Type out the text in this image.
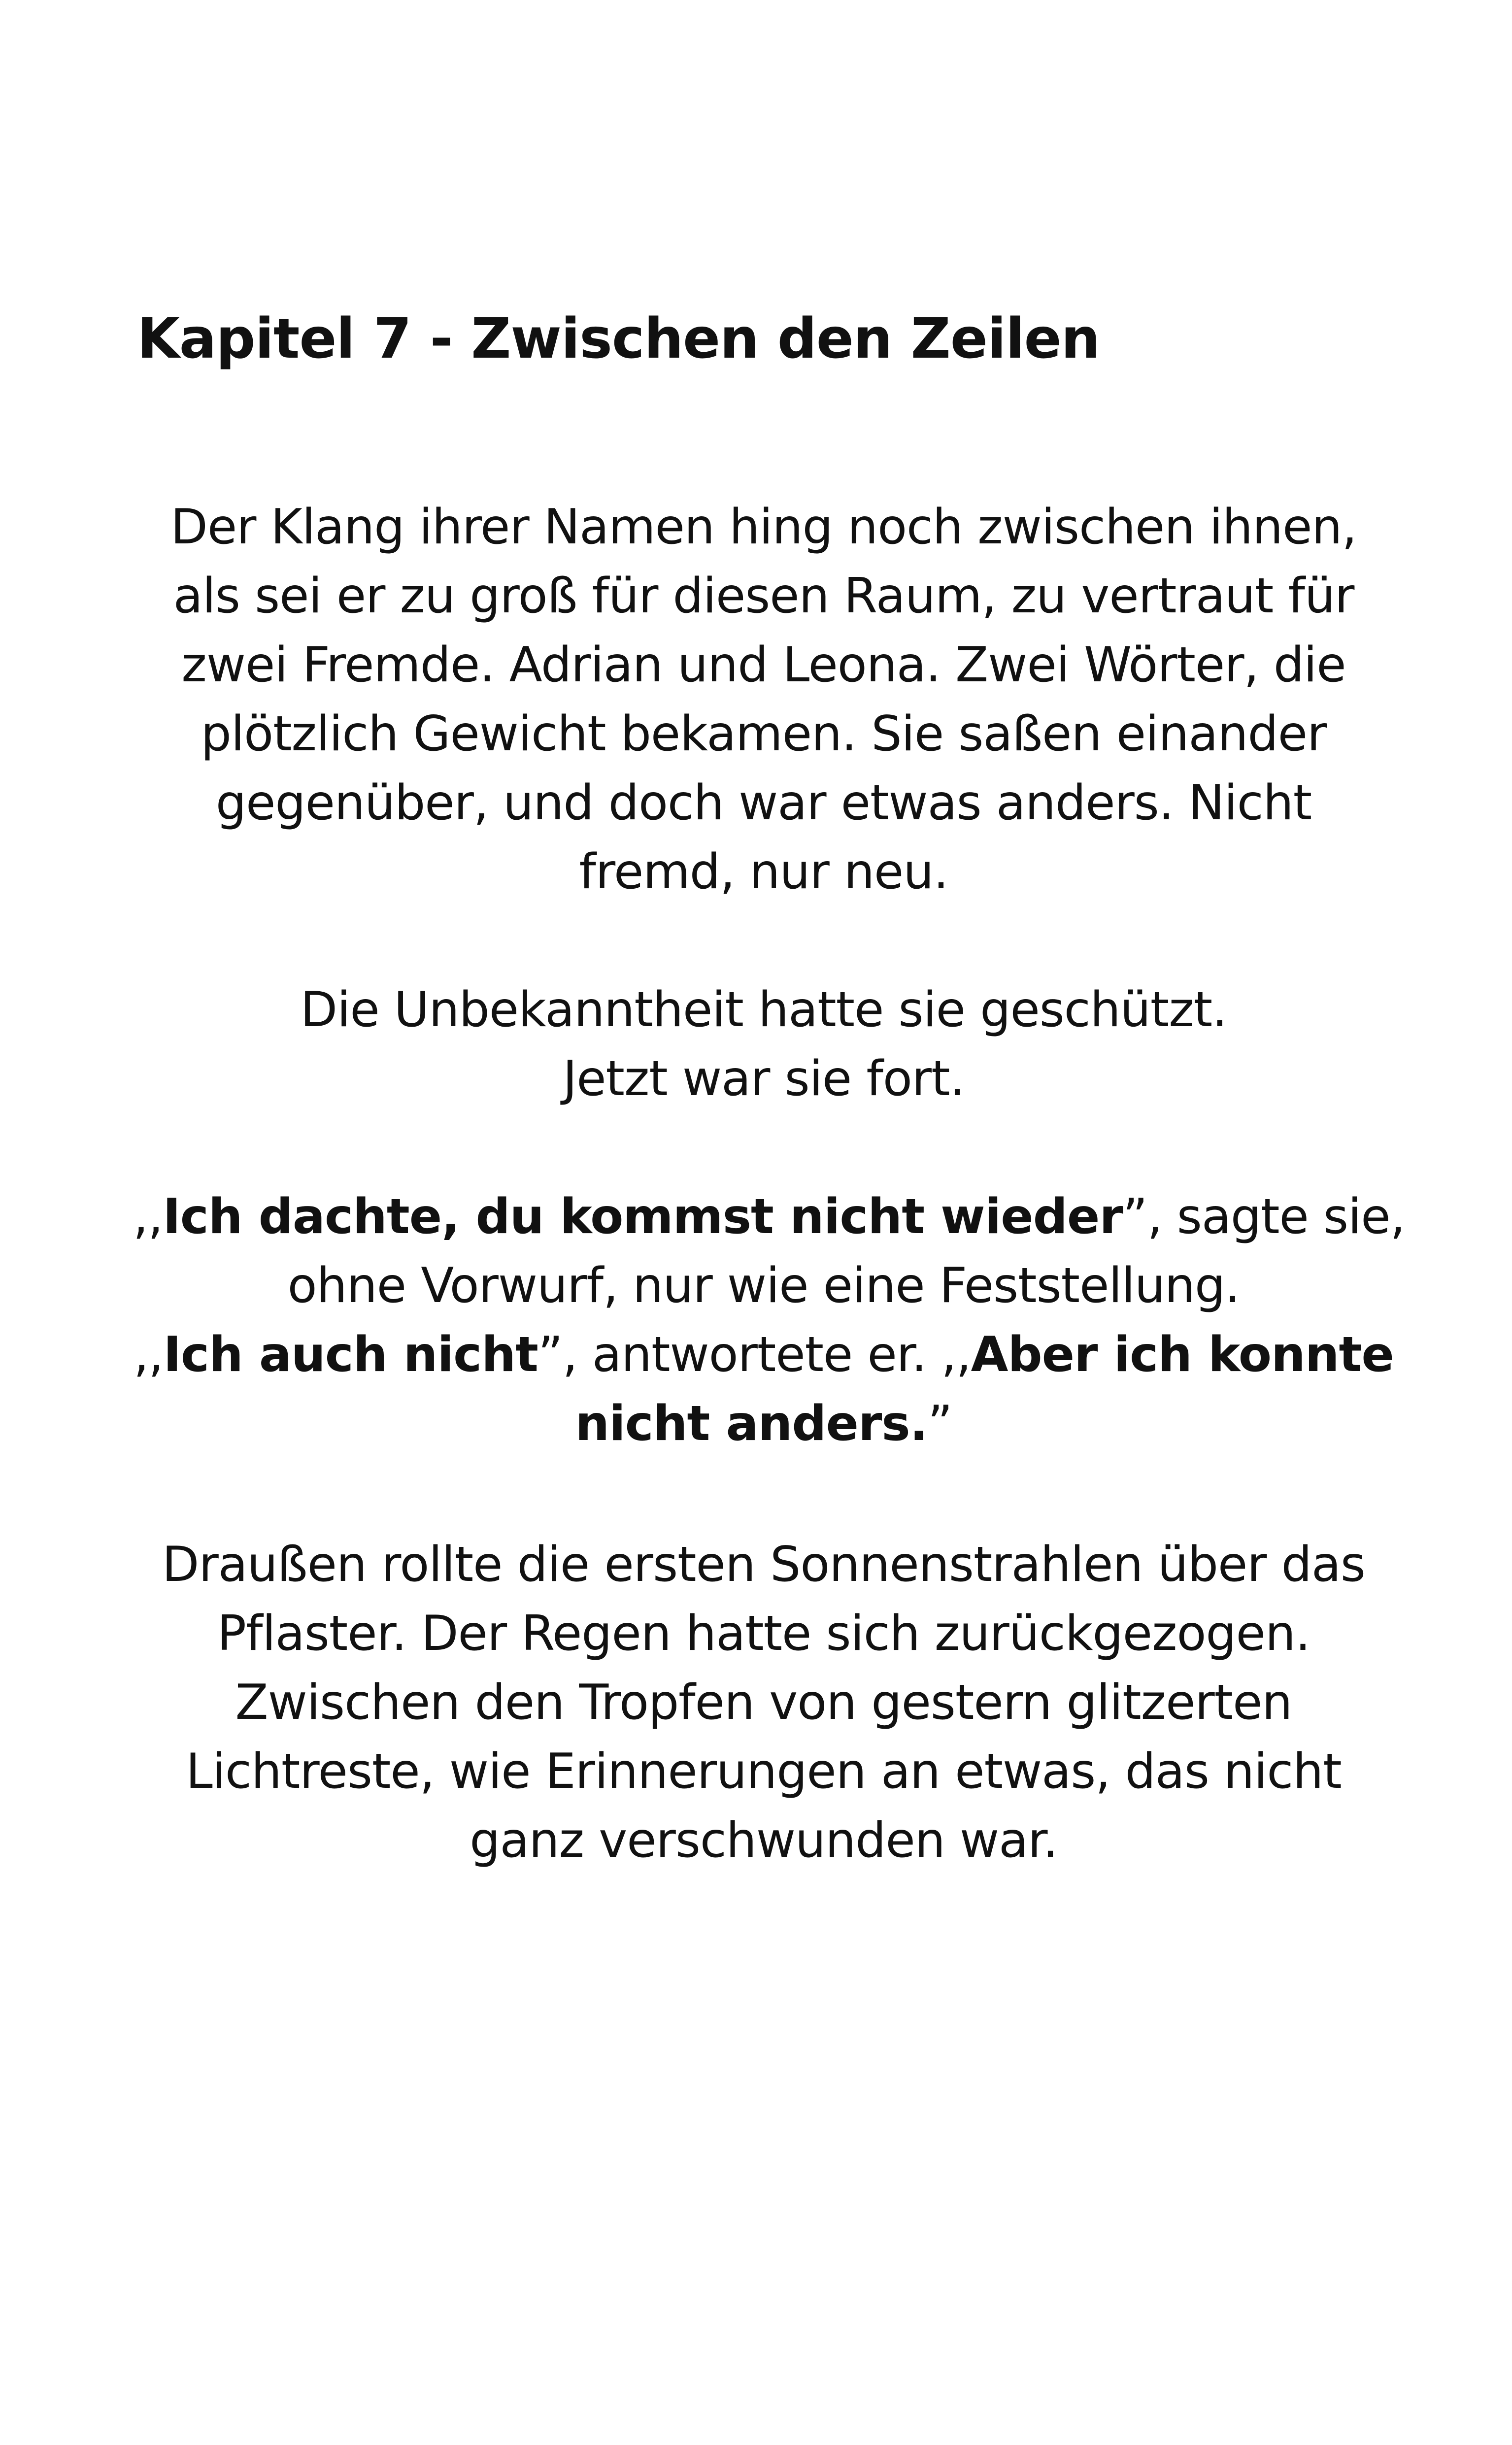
Kapitel 7 - Zwischen den Zeilen
Der Klang ihrer Namen hing noch zwischen ihnen,
als sei er zu groß für diesen Raum, zu vertraut für
zwei Fremde. Adrian und Leona. Zwei Wörter, die
plötzlich Gewicht bekamen. Sie saßen einander
gegenüber, und doch war etwas anders. Nicht
fremd, nur neu.
Die Unbekanntheit hatte sie geschützt.
Jetzt war sie fort.
,,Ich dachte, du kommst nicht wieder”, sagte sie,
ohne Vorwurf, nur wie eine Feststellung.
,,Ich auch nicht”, antwortete er. ,,Aber ich konnte
nicht anders.”
Draußen rollte die ersten Sonnenstrahlen über das
Pflaster. Der Regen hatte sich zurückgezogen.
Zwischen den Tropfen von gestern glitzerten
Lichtreste, wie Erinnerungen an etwas, das nicht
ganz verschwunden war.
